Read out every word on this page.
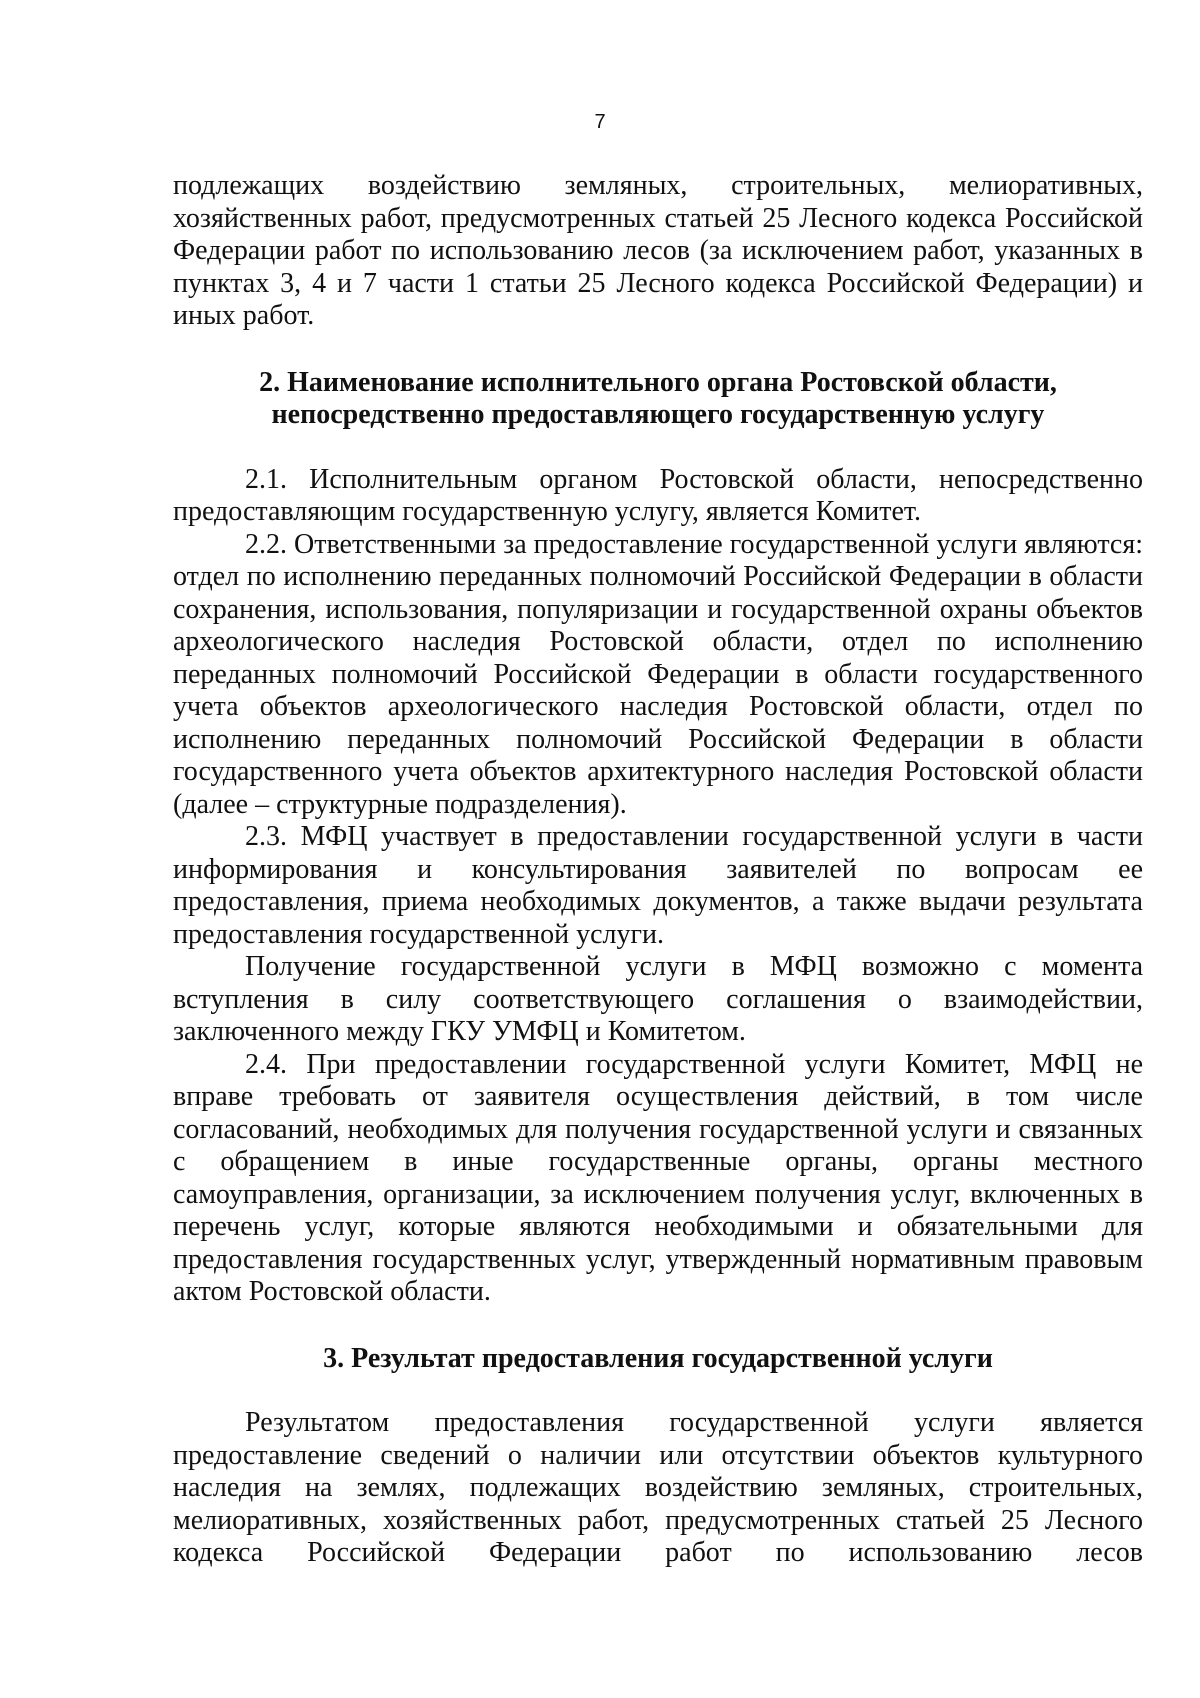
7

подлежащих воздействию земляных, строительных, мелиоративных, хозяйственных работ, предусмотренных статьей 25 Лесного кодекса Российской Федерации работ по использованию лесов (за исключением работ, указанных в пунктах 3, 4 и 7 части 1 статьи 25 Лесного кодекса Российской Федерации) и иных работ.

2. Наименование исполнительного органа Ростовской области,
непосредственно предоставляющего государственную услугу

2.1. Исполнительным органом Ростовской области, непосредственно предоставляющим государственную услугу, является Комитет.

2.2. Ответственными за предоставление государственной услуги являются: отдел по исполнению переданных полномочий Российской Федерации в области сохранения, использования, популяризации и государственной охраны объектов археологического наследия Ростовской области, отдел по исполнению переданных полномочий Российской Федерации в области государственного учета объектов археологического наследия Ростовской области, отдел по исполнению переданных полномочий Российской Федерации в области государственного учета объектов архитектурного наследия Ростовской области (далее – структурные подразделения).

2.3. МФЦ участвует в предоставлении государственной услуги в части информирования и консультирования заявителей по вопросам ее предоставления, приема необходимых документов, а также выдачи результата предоставления государственной услуги.

Получение государственной услуги в МФЦ возможно с момента вступления в силу соответствующего соглашения о взаимодействии, заключенного между ГКУ УМФЦ и Комитетом.

2.4. При предоставлении государственной услуги Комитет, МФЦ не вправе требовать от заявителя осуществления действий, в том числе согласований, необходимых для получения государственной услуги и связанных с обращением в иные государственные органы, органы местного самоуправления, организации, за исключением получения услуг, включенных в перечень услуг, которые являются необходимыми и обязательными для предоставления государственных услуг, утвержденный нормативным правовым актом Ростовской области.

3. Результат предоставления государственной услуги

Результатом предоставления государственной услуги является предоставление сведений о наличии или отсутствии объектов культурного наследия на землях, подлежащих воздействию земляных, строительных, мелиоративных, хозяйственных работ, предусмотренных статьей 25 Лесного кодекса Российской Федерации работ по использованию лесов
